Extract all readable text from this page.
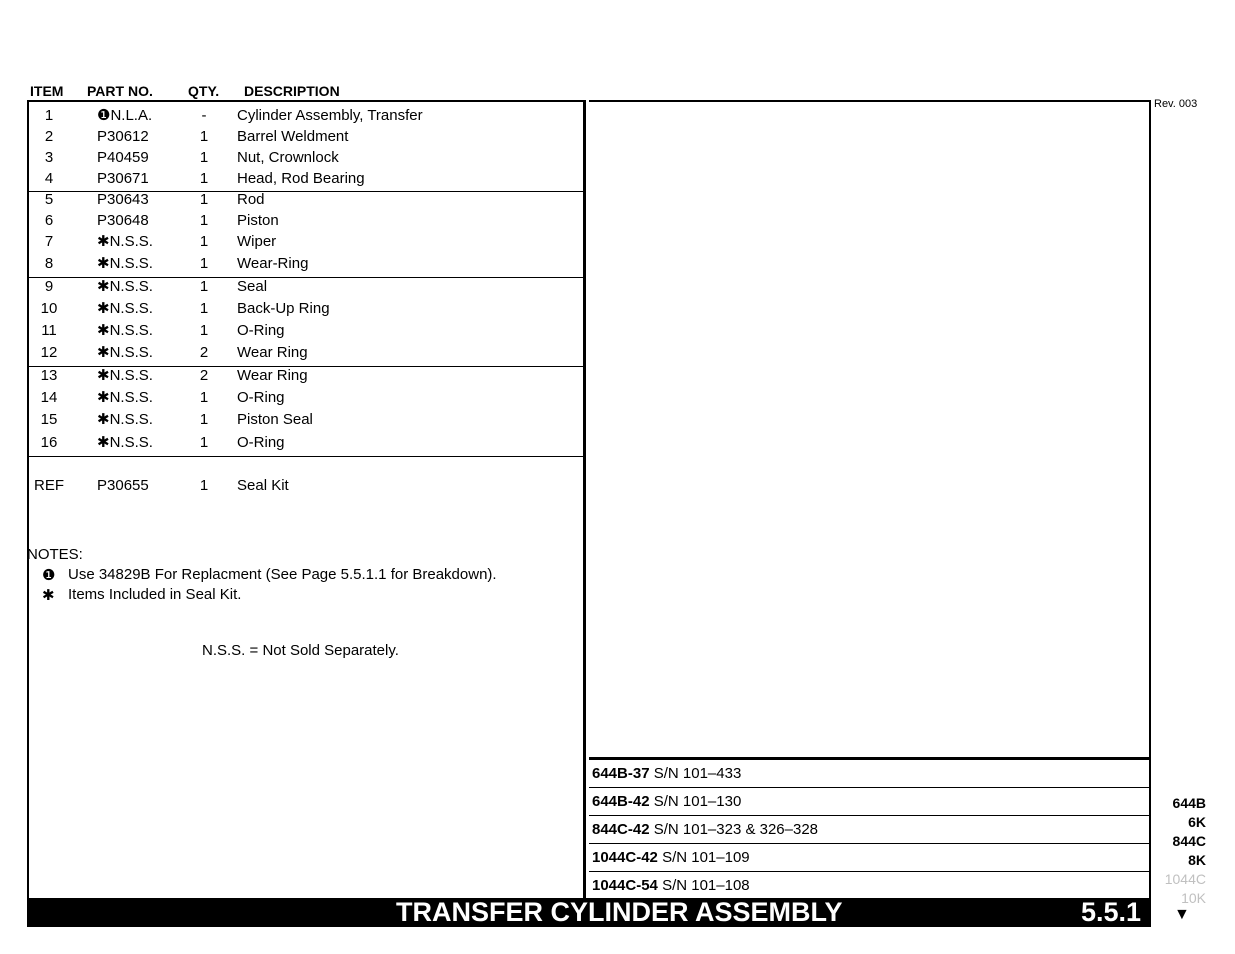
ITEM PART NO.	QTY. DESCRIPTION
1	❶N.L.A.	-	Cylinder Assembly, Transfer
2	P30612	1 Barrel Weldment
3	P40459	1 Nut, Crownlock
4	P30671	1 Head, Rod Bearing
5	P30643	1 Rod
6	P30648	1 Piston
7	✱N.S.S.	1 Wiper
8	✱N.S.S.	1 Wear-Ring
9	✱N.S.S.	1 Seal
10	✱N.S.S.	1 Back-Up Ring
11	✱N.S.S.	1 O-Ring
12	✱N.S.S.	2 Wear Ring
13	✱N.S.S.	2 Wear Ring
14	✱N.S.S.	1 O-Ring
15	✱N.S.S.	1 Piston Seal
16	✱N.S.S.	1 O-Ring
REF	P30655	1 Seal Kit
NOTES:
❶ Use 34829B For Replacment (See Page 5.5.1.1 for Breakdown).
✱ Items Included in Seal Kit.
N.S.S. = Not Sold Separately.
644B-37 S/N 101–433
644B-42 S/N 101–130
844C-42 S/N 101–323 & 326–328
1044C-42 S/N 101–109
1044C-54 S/N 101–108
Rev. 003
644B
6K
844C
8K
1044C
10K
TRANSFER CYLINDER ASSEMBLY	5.5.1 ▼
